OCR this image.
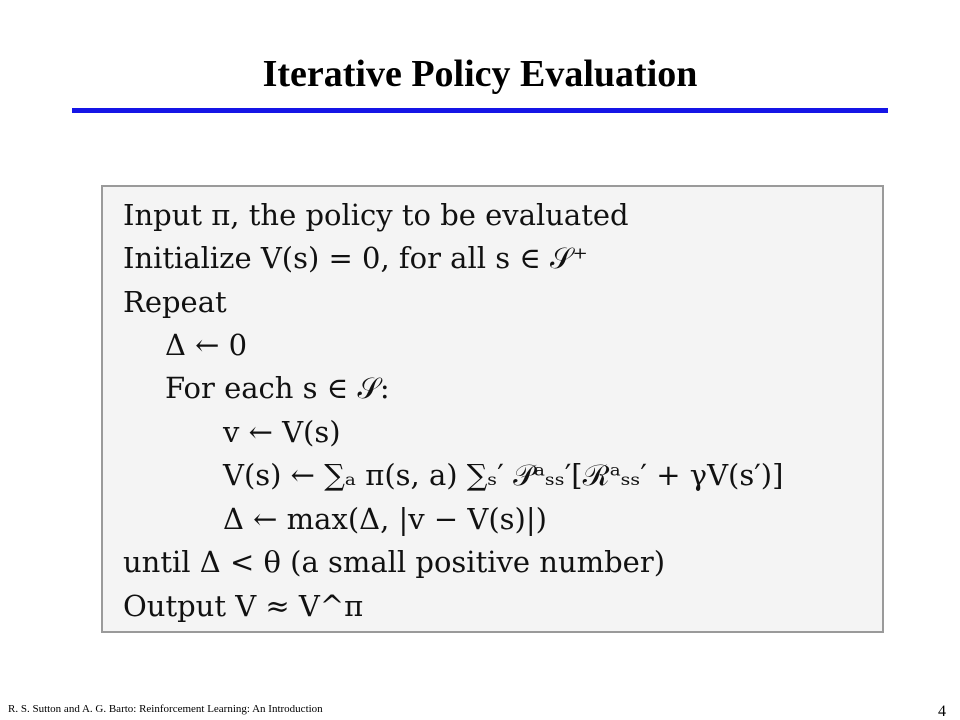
Iterative Policy Evaluation
Input π, the policy to be evaluated
Initialize V(s) = 0, for all s ∈ 𝒮⁺
Repeat
Δ ← 0
For each s ∈ 𝒮:
v ← V(s)
V(s) ← ∑ₐ π(s, a) ∑ₛ′ 𝒫ᵃₛₛ′[ℛᵃₛₛ′ + γV(s′)]
Δ ← max(Δ, |v − V(s)|)
until Δ < θ (a small positive number)
Output V ≈ V^π
R. S. Sutton and A. G. Barto: Reinforcement Learning: An Introduction	4
